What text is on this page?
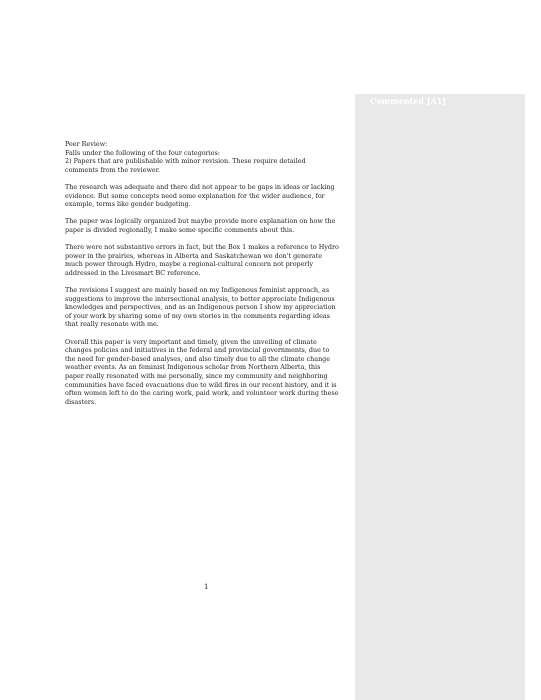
Commented [A1]
Peer Review:
Falls under the following of the four categories:
2) Papers that are publishable with minor revision. These require detailed
comments from the reviewer.
The research was adequate and there did not appear to be gaps in ideas or lacking
evidence. But some concepts need some explanation for the wider audience, for
example, terms like gender budgeting.
The paper was logically organized but maybe provide more explanation on how the
paper is divided regionally, I make some specific comments about this.
There were not substantive errors in fact, but the Box 1 makes a reference to Hydro
power in the prairies, whereas in Alberta and Saskatchewan we don't generate
much power through Hydro, maybe a regional-cultural concern not properly
addressed in the Livesmart BC reference.
The revisions I suggest are mainly based on my Indigenous feminist approach, as
suggestions to improve the intersectional analysis, to better appreciate Indigenous
knowledges and perspectives, and as an Indigenous person I show my appreciation
of your work by sharing some of my own stories in the comments regarding ideas
that really resonate with me.
Overall this paper is very important and timely, given the unveiling of climate
changes policies and initiatives in the federal and provincial governments, due to
the need for gender-based analyses, and also timely due to all the climate change
weather events. As an feminist Indigenous scholar from Northern Alberta, this
paper really resonated with me personally, since my community and neighboring
communities have faced evacuations due to wild fires in our recent history, and it is
often women left to do the caring work, paid work, and volunteer work during these
disasters.
1
